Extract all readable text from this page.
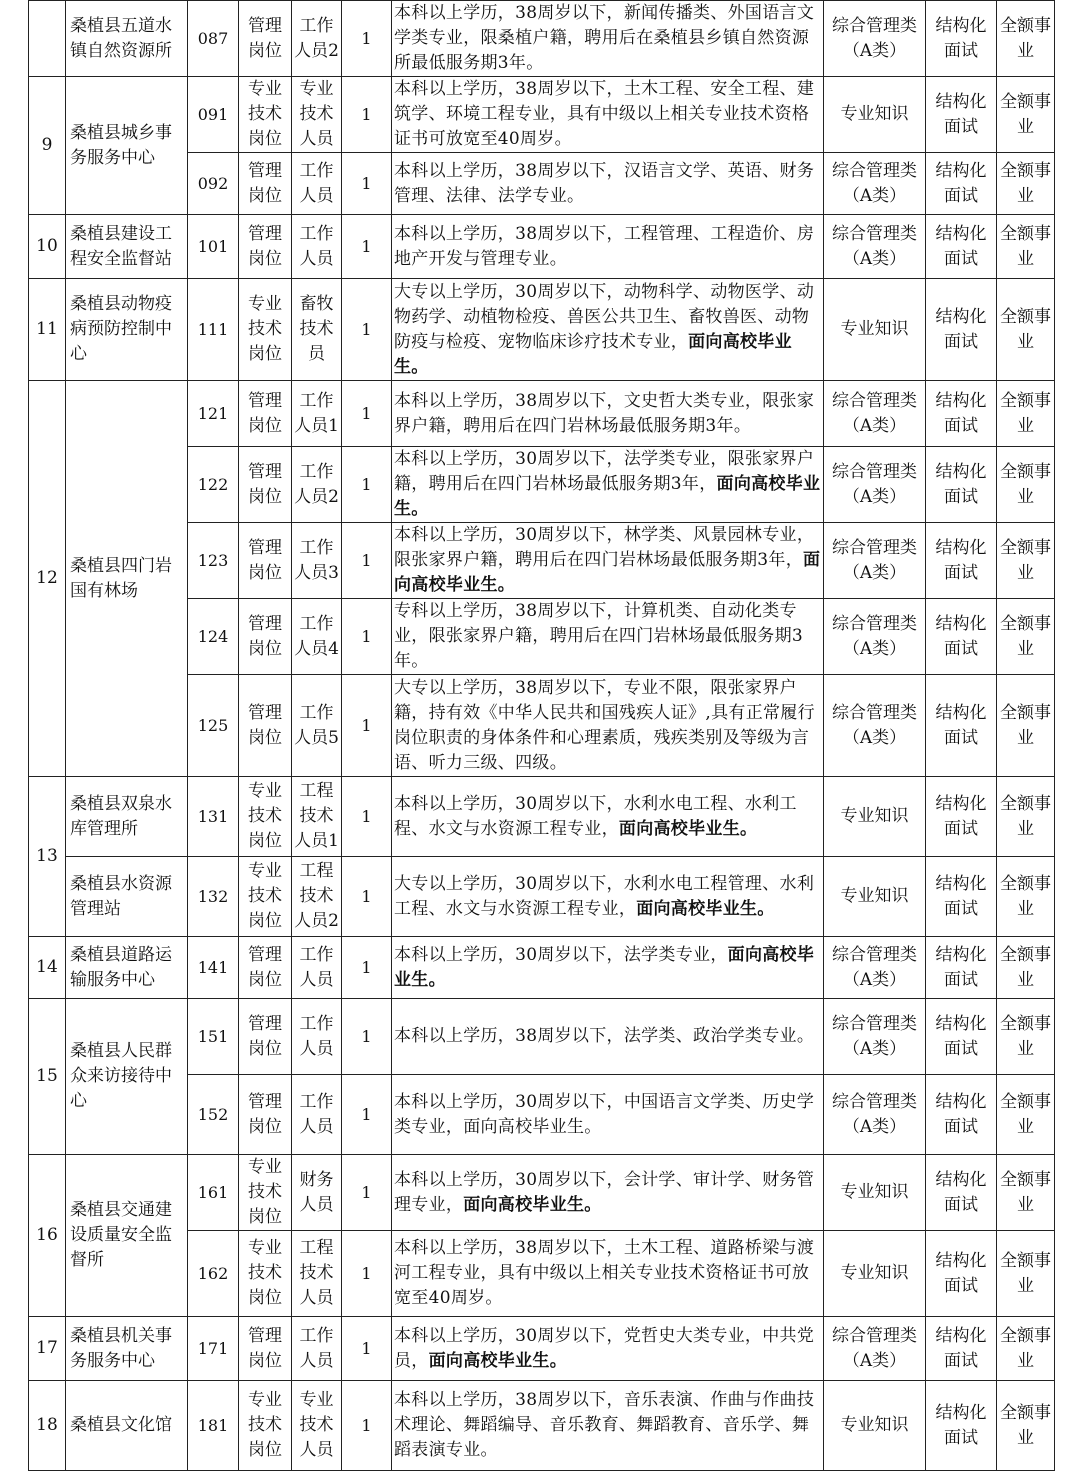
	桑植县五道水镇自然资源所	087	管理岗位	工作人员2	1	本科以上学历，38周岁以下，新闻传播类、外国语言文学类专业，限桑植户籍，聘用后在桑植县乡镇自然资源所最低服务期3年。	综合管理类（A类）	结构化面试	全额事业
9	桑植县城乡事务服务中心	091	专业技术岗位	专业技术人员	1	本科以上学历，38周岁以下，土木工程、安全工程、建筑学、环境工程专业，具有中级以上相关专业技术资格证书可放宽至40周岁。	专业知识	结构化面试	全额事业
		092	管理岗位	工作人员	1	本科以上学历，38周岁以下，汉语言文学、英语、财务管理、法律、法学专业。	综合管理类（A类）	结构化面试	全额事业
10	桑植县建设工程安全监督站	101	管理岗位	工作人员	1	本科以上学历，38周岁以下，工程管理、工程造价、房地产开发与管理专业。	综合管理类（A类）	结构化面试	全额事业
11	桑植县动物疫病预防控制中心	111	专业技术岗位	畜牧技术员	1	大专以上学历，30周岁以下，动物科学、动物医学、动物药学、动植物检疫、兽医公共卫生、畜牧兽医、动物防疫与检疫、宠物临床诊疗技术专业，面向高校毕业生。	专业知识	结构化面试	全额事业
12	桑植县四门岩国有林场	121	管理岗位	工作人员1	1	本科以上学历，38周岁以下，文史哲大类专业，限张家界户籍，聘用后在四门岩林场最低服务期3年。	综合管理类（A类）	结构化面试	全额事业
		122	管理岗位	工作人员2	1	本科以上学历，30周岁以下，法学类专业，限张家界户籍，聘用后在四门岩林场最低服务期3年，面向高校毕业生。	综合管理类（A类）	结构化面试	全额事业
		123	管理岗位	工作人员3	1	本科以上学历，30周岁以下，林学类、风景园林专业，限张家界户籍，聘用后在四门岩林场最低服务期3年，面向高校毕业生。	综合管理类（A类）	结构化面试	全额事业
		124	管理岗位	工作人员4	1	专科以上学历，38周岁以下，计算机类、自动化类专业，限张家界户籍，聘用后在四门岩林场最低服务期3年。	综合管理类（A类）	结构化面试	全额事业
		125	管理岗位	工作人员5	1	大专以上学历，38周岁以下，专业不限，限张家界户籍，持有效《中华人民共和国残疾人证》,具有正常履行岗位职责的身体条件和心理素质，残疾类别及等级为言语、听力三级、四级。	综合管理类（A类）	结构化面试	全额事业
13	桑植县双泉水库管理所	131	专业技术岗位	工程技术人员1	1	本科以上学历，30周岁以下，水利水电工程、水利工程、水文与水资源工程专业，面向高校毕业生。	专业知识	结构化面试	全额事业
	桑植县水资源管理站	132	专业技术岗位	工程技术人员2	1	大专以上学历，30周岁以下，水利水电工程管理、水利工程、水文与水资源工程专业，面向高校毕业生。	专业知识	结构化面试	全额事业
14	桑植县道路运输服务中心	141	管理岗位	工作人员	1	本科以上学历，30周岁以下，法学类专业，面向高校毕业生。	综合管理类（A类）	结构化面试	全额事业
15	桑植县人民群众来访接待中心	151	管理岗位	工作人员	1	本科以上学历，38周岁以下，法学类、政治学类专业。	综合管理类（A类）	结构化面试	全额事业
		152	管理岗位	工作人员	1	本科以上学历，30周岁以下，中国语言文学类、历史学类专业，面向高校毕业生。	综合管理类（A类）	结构化面试	全额事业
16	桑植县交通建设质量安全监督所	161	专业技术岗位	财务人员	1	本科以上学历，30周岁以下，会计学、审计学、财务管理专业，面向高校毕业生。	专业知识	结构化面试	全额事业
		162	专业技术岗位	工程技术人员	1	本科以上学历，38周岁以下，土木工程、道路桥梁与渡河工程专业，具有中级以上相关专业技术资格证书可放宽至40周岁。	专业知识	结构化面试	全额事业
17	桑植县机关事务服务中心	171	管理岗位	工作人员	1	本科以上学历，30周岁以下，党哲史大类专业，中共党员，面向高校毕业生。	综合管理类（A类）	结构化面试	全额事业
18	桑植县文化馆	181	专业技术岗位	专业技术人员	1	本科以上学历，38周岁以下，音乐表演、作曲与作曲技术理论、舞蹈编导、音乐教育、舞蹈教育、音乐学、舞蹈表演专业。	专业知识	结构化面试	全额事业
